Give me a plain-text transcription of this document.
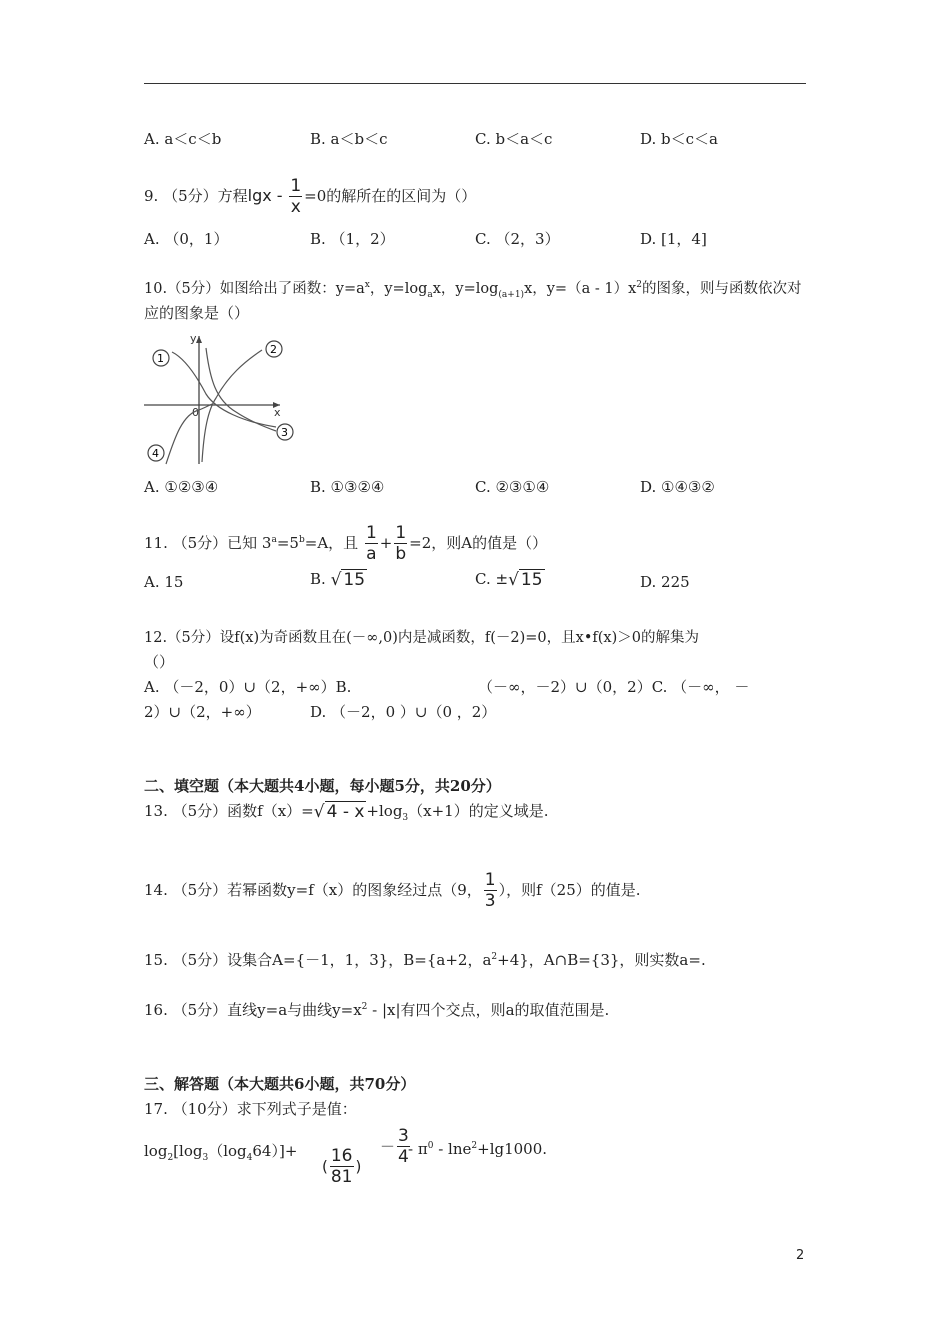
A. a＜c＜b	B. a＜b＜c	C. b＜a＜c	D. b＜c＜a
9. （5分）方程$\lg x - \frac{1}{x} =0$的解所在的区间为（）
A. （0，1）	B. （1，2）	C. （2，3）	D. [1，4]
10.（5分）如图给出了函数：$y=a^x$，$y=\log_ax$，$y=\log_{(a+1)}x$，$y=(a - 1)x^2$的图象，则与函数依次对
应的图象是（）
y
x
0
1
2
3
4
A. ①②③④	B. ①③②④	C. ②③①④	D. ①④③②
11. （5分）已知 $3^a=5^b=A$，且 $\frac{1}{a} + \frac{1}{b} =2$，则A的值是（）
A. 15	B. √ 15	C. ±√ 15	D. 225
12.（5分）设f(x)为奇函数且在(－∞,0)内是减函数，f(－2)=0，且x•f(x)＞0的解集为
（）
A. （－2，0）∪（2，+∞）B.	（－∞，－2）∪（0，2）C. （－∞， －
2）∪（2，+∞）	D. （－2，0 ）∪（0 ，2）
二、填空题（本大题共4小题，每小题5分，共20分）
13. （5分）函数f（x）=√ $4 - x +\log_3(x+1)$的定义域是.
14. （5分）若幂函数y=f（x）的图象经过点（9， $\frac{1}{3}$ ），则f（25）的值是.
15. （5分）设集合A={－1，1，3}，B={a+2，$a^2+4$}，A∩B={3}，则实数a=.
16. （5分）直线y=a与曲线$y=x^2 - |x|$有四个交点，则a的取值范围是.
三、解答题（本大题共6小题，共70分）
17. （10分）求下列式子是值：
$\log_2[\log_3(\log_464)]+$
( $\frac{16}{81}$ )
－ $\frac{3}{4}$
- $\pi^0 - \ln e^2+\lg 1000$.
2
